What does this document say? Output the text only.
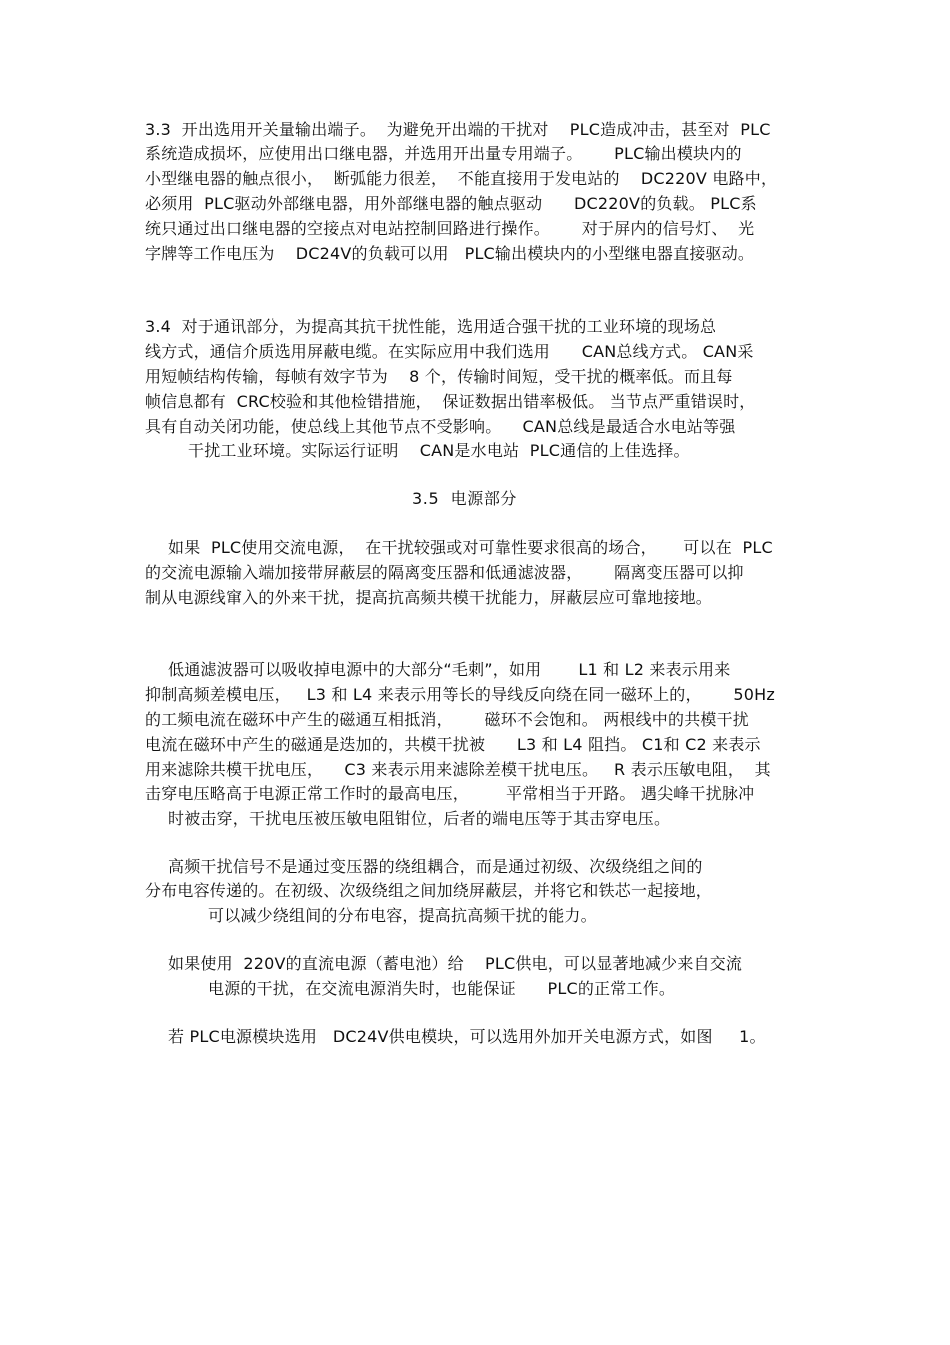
3.3  开出选用开关量输出端子。  为避免开出端的干扰对    PLC造成冲击，甚至对  PLC
系统造成损坏，应使用出口继电器，并选用开出量专用端子。      PLC输出模块内的
小型继电器的触点很小，  断弧能力很差，  不能直接用于发电站的    DC220V 电路中，
必须用  PLC驱动外部继电器，用外部继电器的触点驱动      DC220V的负载。 PLC系
统只通过出口继电器的空接点对电站控制回路进行操作。      对于屏内的信号灯、  光
字牌等工作电压为    DC24V的负载可以用   PLC输出模块内的小型继电器直接驱动。
3.4  对于通讯部分，为提高其抗干扰性能，选用适合强干扰的工业环境的现场总
线方式，通信介质选用屏蔽电缆。在实际应用中我们选用      CAN总线方式。 CAN采
用短帧结构传输，每帧有效字节为    8 个，传输时间短，受干扰的概率低。而且每
帧信息都有  CRC校验和其他检错措施，  保证数据出错率极低。 当节点严重错误时，
具有自动关闭功能，使总线上其他节点不受影响。    CAN总线是最适合水电站等强
干扰工业环境。实际运行证明    CAN是水电站  PLC通信的上佳选择。
3.5  电源部分
如果  PLC使用交流电源，  在干扰较强或对可靠性要求很高的场合，     可以在  PLC
的交流电源输入端加接带屏蔽层的隔离变压器和低通滤波器，      隔离变压器可以抑
制从电源线窜入的外来干扰，提高抗高频共模干扰能力，屏蔽层应可靠地接地。
低通滤波器可以吸收掉电源中的大部分“毛刺”，如用       L1 和 L2 来表示用来
抑制高频差模电压，   L3 和 L4 来表示用等长的导线反向绕在同一磁环上的，      50Hz
的工频电流在磁环中产生的磁通互相抵消，      磁环不会饱和。 两根线中的共模干扰
电流在磁环中产生的磁通是迭加的，共模干扰被      L3 和 L4 阻挡。 C1和 C2 来表示
用来滤除共模干扰电压，    C3 来表示用来滤除差模干扰电压。   R 表示压敏电阻，  其
击穿电压略高于电源正常工作时的最高电压，       平常相当于开路。 遇尖峰干扰脉冲
时被击穿，干扰电压被压敏电阻钳位，后者的端电压等于其击穿电压。
高频干扰信号不是通过变压器的绕组耦合，而是通过初级、次级绕组之间的
分布电容传递的。在初级、次级绕组之间加绕屏蔽层，并将它和铁芯一起接地，
可以减少绕组间的分布电容，提高抗高频干扰的能力。
如果使用  220V的直流电源（蓄电池）给    PLC供电，可以显著地减少来自交流
电源的干扰，在交流电源消失时，也能保证      PLC的正常工作。
若 PLC电源模块选用   DC24V供电模块，可以选用外加开关电源方式，如图     1。
